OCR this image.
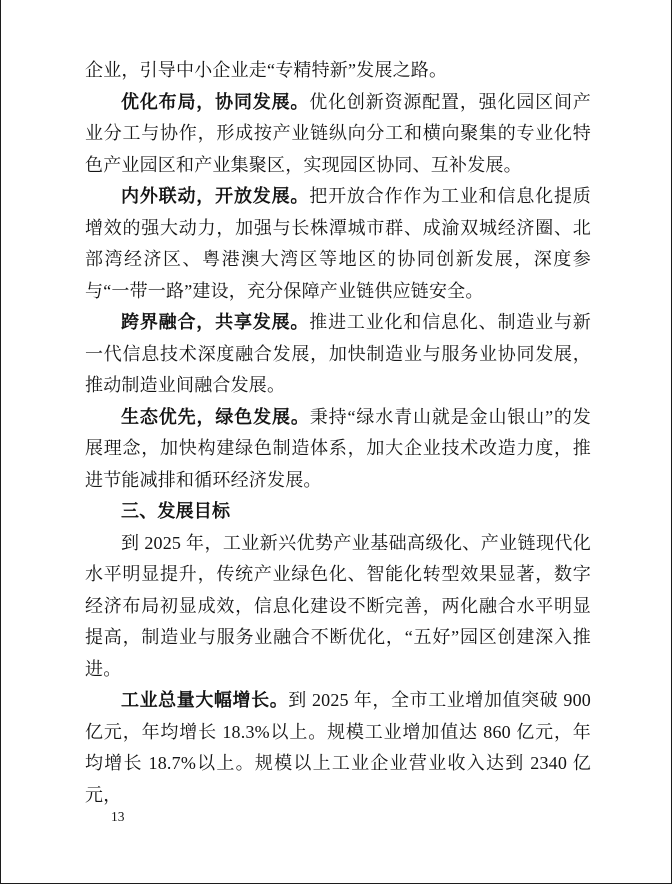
企业，引导中小企业走“专精特新”发展之路。

优化布局，协同发展。优化创新资源配置，强化园区间产业分工与协作，形成按产业链纵向分工和横向聚集的专业化特色产业园区和产业集聚区，实现园区协同、互补发展。

内外联动，开放发展。把开放合作作为工业和信息化提质增效的强大动力，加强与长株潭城市群、成渝双城经济圈、北部湾经济区、粤港澳大湾区等地区的协同创新发展，深度参与“一带一路”建设，充分保障产业链供应链安全。

跨界融合，共享发展。推进工业化和信息化、制造业与新一代信息技术深度融合发展，加快制造业与服务业协同发展，推动制造业间融合发展。

生态优先，绿色发展。秉持“绿水青山就是金山银山”的发展理念，加快构建绿色制造体系，加大企业技术改造力度，推进节能减排和循环经济发展。

三、发展目标

到 2025 年，工业新兴优势产业基础高级化、产业链现代化水平明显提升，传统产业绿色化、智能化转型效果显著，数字经济布局初显成效，信息化建设不断完善，两化融合水平明显提高，制造业与服务业融合不断优化，“五好”园区创建深入推进。

工业总量大幅增长。到 2025 年，全市工业增加值突破 900 亿元，年均增长 18.3%以上。规模工业增加值达 860 亿元，年均增长 18.7%以上。规模以上工业企业营业收入达到 2340 亿元，

13
